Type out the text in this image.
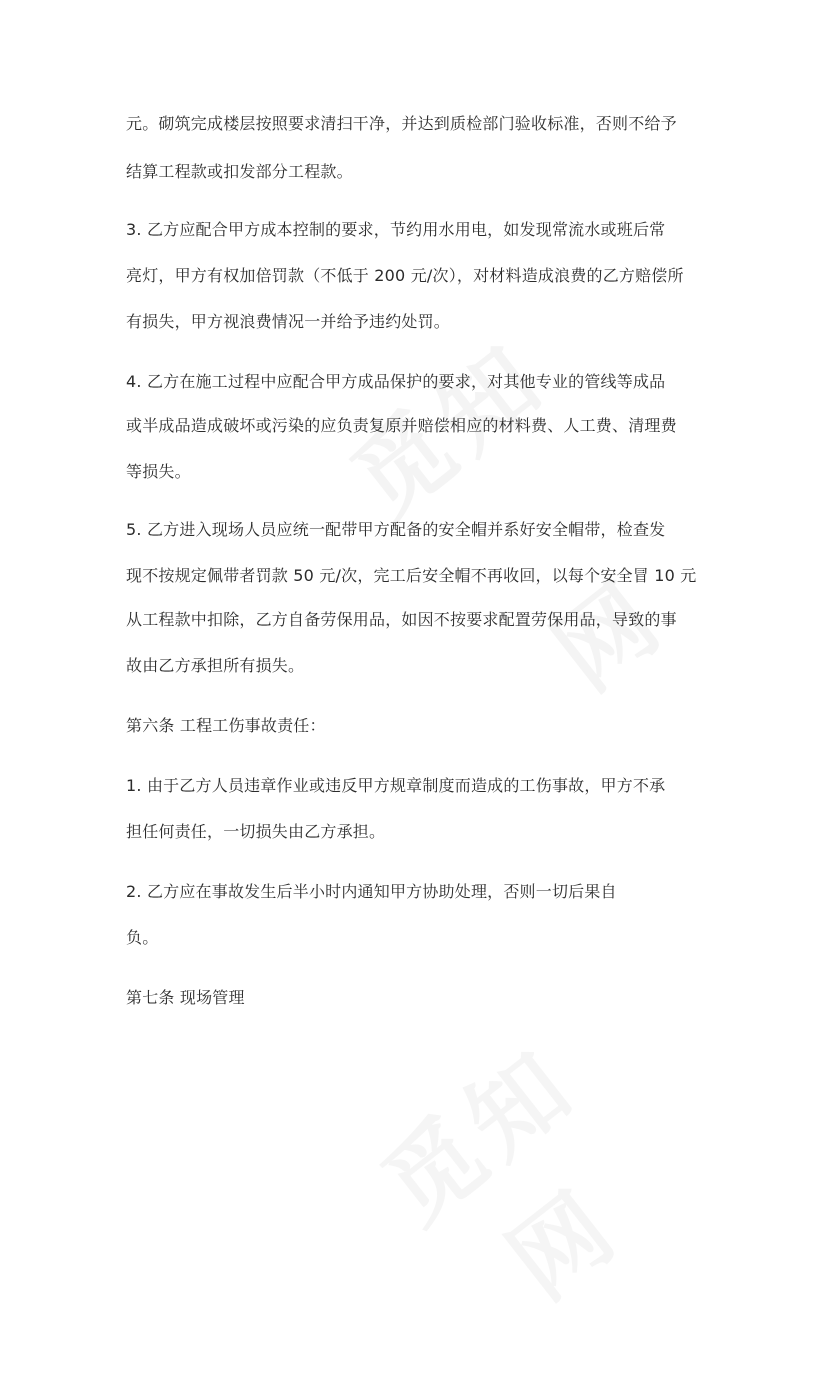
元。砌筑完成楼层按照要求清扫干净，并达到质检部门验收标准，否则不给予
结算工程款或扣发部分工程款。
3. 乙方应配合甲方成本控制的要求，节约用水用电，如发现常流水或班后常
亮灯，甲方有权加倍罚款（不低于 200 元/次），对材料造成浪费的乙方赔偿所
有损失，甲方视浪费情况一并给予违约处罚。
4. 乙方在施工过程中应配合甲方成品保护的要求，对其他专业的管线等成品
或半成品造成破坏或污染的应负责复原并赔偿相应的材料费、人工费、清理费
等损失。
5. 乙方进入现场人员应统一配带甲方配备的安全帽并系好安全帽带，检查发
现不按规定佩带者罚款 50 元/次，完工后安全帽不再收回，以每个安全冒 10 元
从工程款中扣除，乙方自备劳保用品，如因不按要求配置劳保用品，导致的事
故由乙方承担所有损失。
第六条 工程工伤事故责任：
1. 由于乙方人员违章作业或违反甲方规章制度而造成的工伤事故，甲方不承
担任何责任，一切损失由乙方承担。
2. 乙方应在事故发生后半小时内通知甲方协助处理，否则一切后果自
负。
第七条 现场管理
